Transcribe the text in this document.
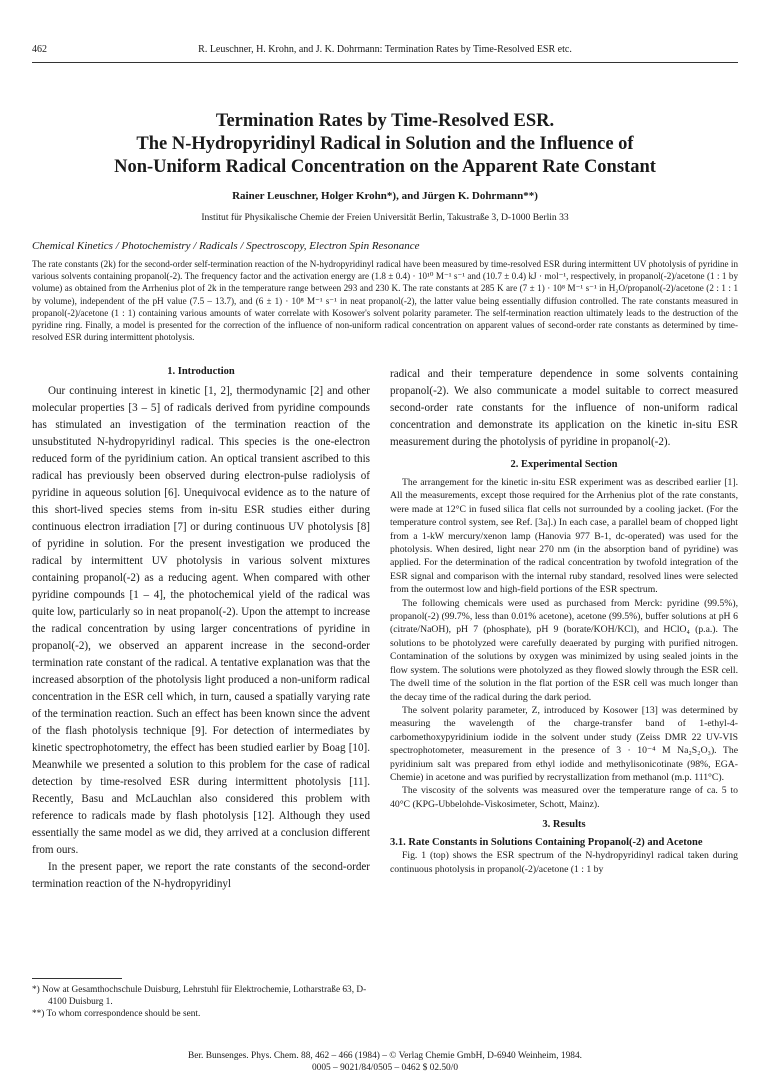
462	R. Leuschner, H. Krohn, and J. K. Dohrmann: Termination Rates by Time-Resolved ESR etc.
Termination Rates by Time-Resolved ESR.
The N-Hydropyridinyl Radical in Solution and the Influence of
Non-Uniform Radical Concentration on the Apparent Rate Constant
Rainer Leuschner, Holger Krohn*), and Jürgen K. Dohrmann**)
Institut für Physikalische Chemie der Freien Universität Berlin, Takustraße 3, D-1000 Berlin 33
Chemical Kinetics / Photochemistry / Radicals / Spectroscopy, Electron Spin Resonance

The rate constants (2k) for the second-order self-termination reaction of the N-hydropyridinyl radical have been measured by time-resolved ESR during intermittent UV photolysis of pyridine in various solvents containing propanol(-2). The frequency factor and the activation energy are (1.8 ± 0.4) · 10¹⁰ M⁻¹ s⁻¹ and (10.7 ± 0.4) kJ · mol⁻¹, respectively, in propanol(-2)/acetone (1 : 1 by volume) as obtained from the Arrhenius plot of 2k in the temperature range between 293 and 230 K. The rate constants at 285 K are (7 ± 1) · 10⁸ M⁻¹ s⁻¹ in H₂O/propanol(-2)/acetone (2 : 1 : 1 by volume), independent of the pH value (7.5 – 13.7), and (6 ± 1) · 10⁸ M⁻¹ s⁻¹ in neat propanol(-2), the latter value being essentially diffusion controlled. The rate constants measured in propanol(-2)/acetone (1 : 1) containing various amounts of water correlate with Kosower's solvent polarity parameter. The self-termination reaction ultimately leads to the destruction of the pyridine ring. Finally, a model is presented for the correction of the influence of non-uniform radical concentration on apparent values of second-order rate constants as determined by time-resolved ESR during intermittent photolysis.

1. Introduction

Our continuing interest in kinetic [1, 2], thermodynamic [2] and other molecular properties [3 – 5] of radicals derived from pyridine compounds has stimulated an investigation of the termination reaction of the unsubstituted N-hydropyridinyl radical. This species is the one-electron reduced form of the pyridinium cation. An optical transient ascribed to this radical has previously been observed during electron-pulse radiolysis of pyridine in aqueous solution [6]. Unequivocal evidence as to the nature of this short-lived species stems from in-situ ESR studies either during continuous electron irradiation [7] or during continuous UV photolysis [8] of pyridine in solution. For the present investigation we produced the radical by intermittent UV photolysis in various solvent mixtures containing propanol(-2) as a reducing agent. When compared with other pyridine compounds [1 – 4], the photochemical yield of the radical was quite low, particularly so in neat propanol(-2). Upon the attempt to increase the radical concentration by using larger concentrations of pyridine in propanol(-2), we observed an apparent increase in the second-order termination rate constant of the radical. A tentative explanation was that the increased absorption of the photolysis light produced a non-uniform radical concentration in the ESR cell which, in turn, caused a spatially varying rate of the termination reaction. Such an effect has been known since the advent of the flash photolysis technique [9]. For detection of intermediates by kinetic spectrophotometry, the effect has been studied earlier by Boag [10]. Meanwhile we presented a solution to this problem for the case of radical detection by time-resolved ESR during intermittent photolysis [11]. Recently, Basu and McLauchlan also considered this problem with reference to radicals made by flash photolysis [12]. Although they used essentially the same model as we did, they arrived at a conclusion different from ours.

In the present paper, we report the rate constants of the second-order termination reaction of the N-hydropyridinyl

radical and their temperature dependence in some solvents containing propanol(-2). We also communicate a model suitable to correct measured second-order rate constants for the influence of non-uniform radical concentration and demonstrate its application on the kinetic in-situ ESR measurement during the photolysis of pyridine in propanol(-2).

2. Experimental Section

The arrangement for the kinetic in-situ ESR experiment was as described earlier [1]. All the measurements, except those required for the Arrhenius plot of the rate constants, were made at 12°C in fused silica flat cells not surrounded by a cooling jacket. (For the temperature control system, see Ref. [3a].) In each case, a parallel beam of chopped light from a 1-kW mercury/xenon lamp (Hanovia 977 B-1, dc-operated) was used for the photolysis. When desired, light near 270 nm (in the absorption band of pyridine) was applied. For the determination of the radical concentration by twofold integration of the ESR signal and comparison with the internal ruby standard, resolved lines were selected from the outermost low and high-field portions of the ESR spectrum.

The following chemicals were used as purchased from Merck: pyridine (99.5%), propanol(-2) (99.7%, less than 0.01% acetone), acetone (99.5%), buffer solutions at pH 6 (citrate/NaOH), pH 7 (phosphate), pH 9 (borate/KOH/KCl), and HClO₄ (p.a.). The solutions to be photolyzed were carefully deaerated by purging with purified nitrogen. Contamination of the solutions by oxygen was minimized by using sealed joints in the flow system. The solutions were photolyzed as they flowed slowly through the ESR cell. The dwell time of the solution in the flat portion of the ESR cell was much longer than the decay time of the radical during the dark period.

The solvent polarity parameter, Z, introduced by Kosower [13] was determined by measuring the wavelength of the charge-transfer band of 1-ethyl-4-carbomethoxypyridinium iodide in the solvent under study (Zeiss DMR 22 UV-VIS spectrophotometer, measurement in the presence of 3 · 10⁻⁴ M Na₂S₂O₃). The pyridinium salt was prepared from ethyl iodide and methylisonicotinate (98%, EGA-Chemie) in acetone and was purified by recrystallization from methanol (m.p. 111°C).

The viscosity of the solvents was measured over the temperature range of ca. 5 to 40°C (KPG-Ubbelohde-Viskosimeter, Schott, Mainz).

3. Results

3.1. Rate Constants in Solutions Containing Propanol(-2) and Acetone

Fig. 1 (top) shows the ESR spectrum of the N-hydropyridinyl radical taken during continuous photolysis in propanol(-2)/acetone (1 : 1 by

*) Now at Gesamthochschule Duisburg, Lehrstuhl für Elektrochemie, Lotharstraße 63, D-4100 Duisburg 1.

**) To whom correspondence should be sent.

Ber. Bunsenges. Phys. Chem. 88, 462 – 466 (1984) – © Verlag Chemie GmbH, D-6940 Weinheim, 1984.
0005 – 9021/84/0505 – 0462 $ 02.50/0
